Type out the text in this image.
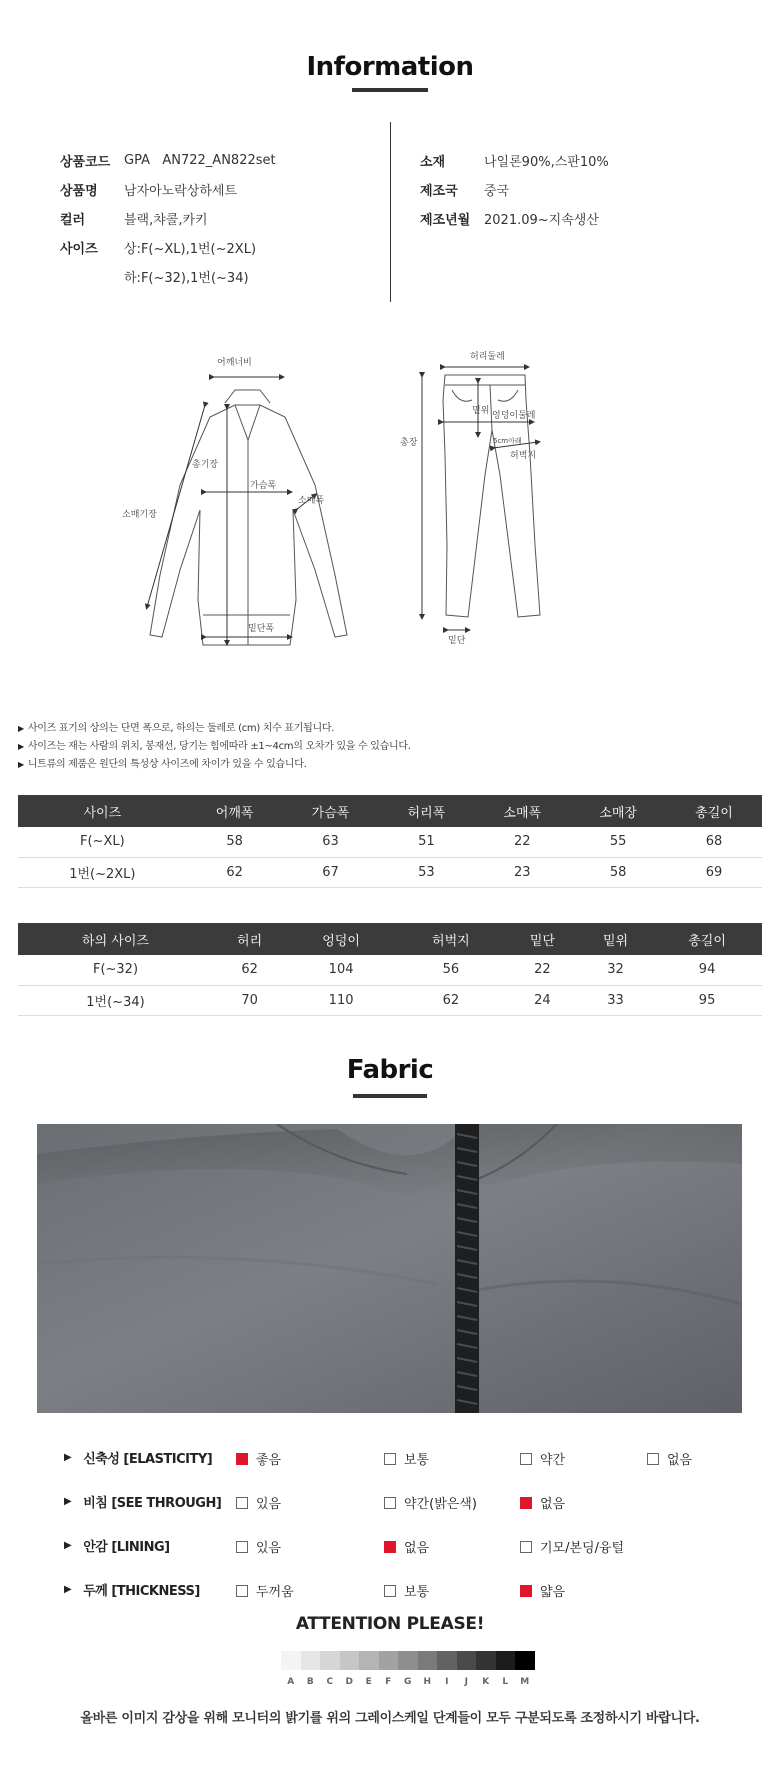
Information
상품코드	GPA   AN722_AN822set
상품명	남자아노락상하세트
컬러	블랙,챠콜,카키
사이즈	상:F(~XL),1번(~2XL)
하:F(~32),1번(~34)
소재	나일론90%,스판10%
제조국	중국
제조년월	2021.09~지속생산
어깨너비
총기장
가슴폭
소매기장
소매폭
밑단폭
허리둘레
밑위
총장
엉덩이둘레
5cm아래
허벅지
밑단
▶ 사이즈 표기의 상의는 단면 폭으로, 하의는 둘레로 (cm) 치수 표기됩니다.
▶ 사이즈는 재는 사람의 위치, 봉재선, 당기는 힘에따라 ±1~4cm의 오차가 있을 수 있습니다.
▶ 니트류의 제품은 원단의 특성상 사이즈에 차이가 있을 수 있습니다.
사이즈	어깨폭	가슴폭	허리폭	소매폭	소매장	총길이
F(~XL)	58	63	51	22	55	68
1번(~2XL)	62	67	53	23	58	69
하의 사이즈	허리	엉덩이	허벅지	밑단	밑위	총길이
F(~32)	62	104	56	22	32	94
1번(~34)	70	110	62	24	33	95
Fabric
▶ 신축성 [ELASTICITY]	좋음	보통	약간	없음
▶ 비침 [SEE THROUGH]	있음	약간(밝은색)	없음
▶ 안감 [LINING]	있음	없음	기모/본딩/융털
▶ 두께 [THICKNESS]	두꺼움	보통	얇음
ATTENTION PLEASE!
A	B	C	D	E	F	G	H	I	J	K	L	M
올바른 이미지 감상을 위해 모니터의 밝기를 위의 그레이스케일 단계들이 모두 구분되도록 조정하시기 바랍니다.
